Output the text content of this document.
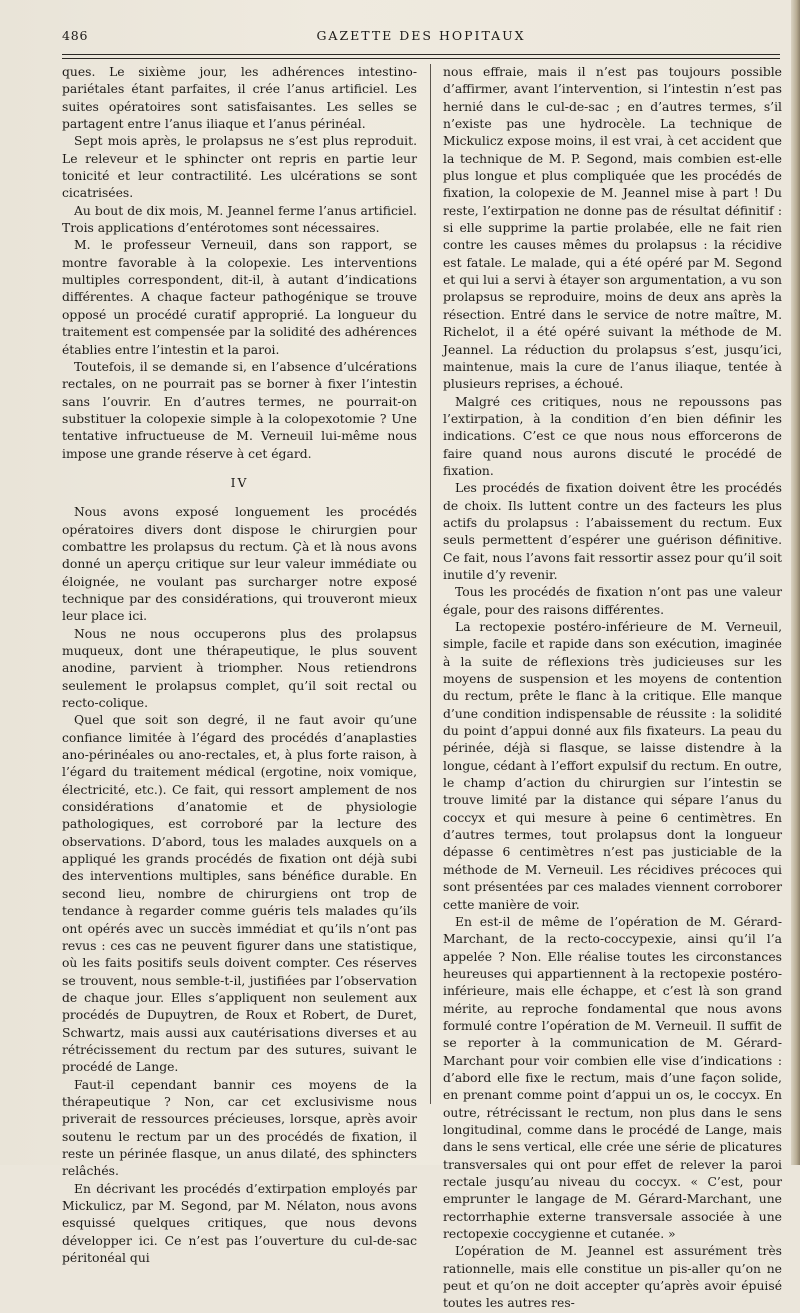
486	GAZETTE DES HOPITAUX

ques. Le sixième jour, les adhérences intestino-pariétales étant parfaites, il crée l’anus artificiel. Les suites opératoires sont satisfaisantes. Les selles se partagent entre l’anus iliaque et l’anus périnéal.

Sept mois après, le prolapsus ne s’est plus reproduit. Le releveur et le sphincter ont repris en partie leur tonicité et leur contractilité. Les ulcérations se sont cicatrisées.

Au bout de dix mois, M. Jeannel ferme l’anus artificiel. Trois applications d’entérotomes sont nécessaires.

M. le professeur Verneuil, dans son rapport, se montre favorable à la colopexie. Les interventions multiples correspondent, dit-il, à autant d’indications différentes. A chaque facteur pathogénique se trouve opposé un procédé curatif approprié. La longueur du traitement est compensée par la solidité des adhérences établies entre l’intestin et la paroi.

Toutefois, il se demande si, en l’absence d’ulcérations rectales, on ne pourrait pas se borner à fixer l’intestin sans l’ouvrir. En d’autres termes, ne pourrait-on substituer la colopexie simple à la colopexotomie ? Une tentative infructueuse de M. Verneuil lui-même nous impose une grande réserve à cet égard.

IV

Nous avons exposé longuement les procédés opératoires divers dont dispose le chirurgien pour combattre les prolapsus du rectum. Çà et là nous avons donné un aperçu critique sur leur valeur immédiate ou éloignée, ne voulant pas surcharger notre exposé technique par des considérations, qui trouveront mieux leur place ici.

Nous ne nous occuperons plus des prolapsus muqueux, dont une thérapeutique, le plus souvent anodine, parvient à triompher. Nous retiendrons seulement le prolapsus complet, qu’il soit rectal ou recto-colique.

Quel que soit son degré, il ne faut avoir qu’une confiance limitée à l’égard des procédés d’anaplasties ano-périnéales ou ano-rectales, et, à plus forte raison, à l’égard du traitement médical (ergotine, noix vomique, électricité, etc.). Ce fait, qui ressort amplement de nos considérations d’anatomie et de physiologie pathologiques, est corroboré par la lecture des observations. D’abord, tous les malades auxquels on a appliqué les grands procédés de fixation ont déjà subi des interventions multiples, sans bénéfice durable. En second lieu, nombre de chirurgiens ont trop de tendance à regarder comme guéris tels malades qu’ils ont opérés avec un succès immédiat et qu’ils n’ont pas revus : ces cas ne peuvent figurer dans une statistique, où les faits positifs seuls doivent compter. Ces réserves se trouvent, nous semble-t-il, justifiées par l’observation de chaque jour. Elles s’appliquent non seulement aux procédés de Dupuytren, de Roux et Robert, de Duret, Schwartz, mais aussi aux cautérisations diverses et au rétrécissement du rectum par des sutures, suivant le procédé de Lange.

Faut-il cependant bannir ces moyens de la thérapeutique ? Non, car cet exclusivisme nous priverait de ressources précieuses, lorsque, après avoir soutenu le rectum par un des procédés de fixation, il reste un périnée flasque, un anus dilaté, des sphincters relâchés.

En décrivant les procédés d’extirpation employés par Mickulicz, par M. Segond, par M. Nélaton, nous avons esquissé quelques critiques, que nous devons développer ici. Ce n’est pas l’ouverture du cul-de-sac péritonéal qui

nous effraie, mais il n’est pas toujours possible d’affirmer, avant l’intervention, si l’intestin n’est pas hernié dans le cul-de-sac ; en d’autres termes, s’il n’existe pas une hydrocèle. La technique de Mickulicz expose moins, il est vrai, à cet accident que la technique de M. P. Segond, mais combien est-elle plus longue et plus compliquée que les procédés de fixation, la colopexie de M. Jeannel mise à part ! Du reste, l’extirpation ne donne pas de résultat définitif : si elle supprime la partie prolabée, elle ne fait rien contre les causes mêmes du prolapsus : la récidive est fatale. Le malade, qui a été opéré par M. Segond et qui lui a servi à étayer son argumentation, a vu son prolapsus se reproduire, moins de deux ans après la résection. Entré dans le service de notre maître, M. Richelot, il a été opéré suivant la méthode de M. Jeannel. La réduction du prolapsus s’est, jusqu’ici, maintenue, mais la cure de l’anus iliaque, tentée à plusieurs reprises, a échoué.

Malgré ces critiques, nous ne repoussons pas l’extirpation, à la condition d’en bien définir les indications. C’est ce que nous nous efforcerons de faire quand nous aurons discuté le procédé de fixation.

Les procédés de fixation doivent être les procédés de choix. Ils luttent contre un des facteurs les plus actifs du prolapsus : l’abaissement du rectum. Eux seuls permettent d’espérer une guérison définitive. Ce fait, nous l’avons fait ressortir assez pour qu’il soit inutile d’y revenir.

Tous les procédés de fixation n’ont pas une valeur égale, pour des raisons différentes.

La rectopexie postéro-inférieure de M. Verneuil, simple, facile et rapide dans son exécution, imaginée à la suite de réflexions très judicieuses sur les moyens de suspension et les moyens de contention du rectum, prête le flanc à la critique. Elle manque d’une condition indispensable de réussite : la solidité du point d’appui donné aux fils fixateurs. La peau du périnée, déjà si flasque, se laisse distendre à la longue, cédant à l’effort expulsif du rectum. En outre, le champ d’action du chirurgien sur l’intestin se trouve limité par la distance qui sépare l’anus du coccyx et qui mesure à peine 6 centimètres. En d’autres termes, tout prolapsus dont la longueur dépasse 6 centimètres n’est pas justiciable de la méthode de M. Verneuil. Les récidives précoces qui sont présentées par ces malades viennent corroborer cette manière de voir.

En est-il de même de l’opération de M. Gérard-Marchant, de la recto-coccypexie, ainsi qu’il l’a appelée ? Non. Elle réalise toutes les circonstances heureuses qui appartiennent à la rectopexie postéro-inférieure, mais elle échappe, et c’est là son grand mérite, au reproche fondamental que nous avons formulé contre l’opération de M. Verneuil. Il suffit de se reporter à la communication de M. Gérard-Marchant pour voir combien elle vise d’indications : d’abord elle fixe le rectum, mais d’une façon solide, en prenant comme point d’appui un os, le coccyx. En outre, rétrécissant le rectum, non plus dans le sens longitudinal, comme dans le procédé de Lange, mais dans le sens vertical, elle crée une série de plicatures transversales qui ont pour effet de relever la paroi rectale jusqu’au niveau du coccyx. « C’est, pour emprunter le langage de M. Gérard-Marchant, une rectorrhaphie externe transversale associée à une rectopexie coccygienne et cutanée. »

L’opération de M. Jeannel est assurément très rationnelle, mais elle constitue un pis-aller qu’on ne peut et qu’on ne doit accepter qu’après avoir épuisé toutes les autres res-
